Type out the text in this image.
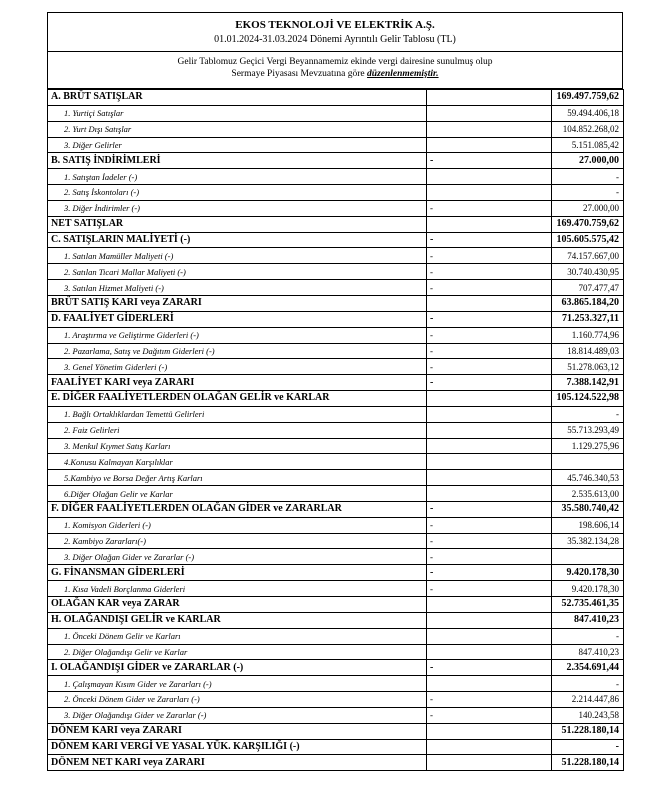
EKOS TEKNOLOJİ VE ELEKTRİK A.Ş.
01.01.2024-31.03.2024 Dönemi Ayrıntılı Gelir Tablosu (TL)
Gelir Tablomuz Geçici Vergi Beyannamemiz ekinde vergi dairesine sunulmuş olup
Sermaye Piyasası Mevzuatına göre düzenlenmemiştir.
A. BRÜT SATIŞLAR		169.497.759,62
1. Yurtiçi Satışlar		59.494.406,18
2. Yurt Dışı Satışlar		104.852.268,02
3. Diğer Gelirler		5.151.085,42
B. SATIŞ İNDİRİMLERİ	-	27.000,00
1. Satıştan İadeler (-)		-
2. Satış İskontoları (-)		-
3. Diğer İndirimler (-)	-	27.000,00
NET SATIŞLAR		169.470.759,62
C. SATIŞLARIN MALİYETİ (-)	-	105.605.575,42
1. Satılan Mamüller Maliyeti (-)	-	74.157.667,00
2. Satılan Ticari Mallar Maliyeti (-)	-	30.740.430,95
3. Satılan Hizmet Maliyeti (-)	-	707.477,47
BRÜT SATIŞ KARI veya ZARARI		63.865.184,20
D. FAALİYET GİDERLERİ	-	71.253.327,11
1. Araştırma ve Geliştirme Giderleri (-)	-	1.160.774,96
2. Pazarlama, Satış ve Dağıtım Giderleri (-)	-	18.814.489,03
3. Genel Yönetim Giderleri (-)	-	51.278.063,12
FAALİYET KARI veya ZARARI	-	7.388.142,91
E. DİĞER FAALİYETLERDEN OLAĞAN GELİR ve KARLAR		105.124.522,98
1. Bağlı Ortaklıklardan Temettü Gelirleri		-
2. Faiz Gelirleri		55.713.293,49
3. Menkul Kıymet Satış Karları		1.129.275,96
4.Konusu Kalmayan Karşılıklar		
5.Kambiyo ve Borsa Değer Artış Karları		45.746.340,53
6.Diğer Olağan Gelir ve Karlar		2.535.613,00
F. DİĞER FAALİYETLERDEN OLAĞAN GİDER ve ZARARLAR	-	35.580.740,42
1. Komisyon Giderleri (-)	-	198.606,14
2. Kambiyo Zararları(-)	-	35.382.134,28
3. Diğer Olağan Gider ve Zararlar (-)	-	
G. FİNANSMAN GİDERLERİ	-	9.420.178,30
1. Kısa Vadeli Borçlanma Giderleri	-	9.420.178,30
OLAĞAN KAR veya ZARAR		52.735.461,35
H. OLAĞANDIŞI GELİR ve KARLAR		847.410,23
1. Önceki Dönem Gelir ve Karları		-
2. Diğer Olağandışı Gelir ve Karlar		847.410,23
I. OLAĞANDIŞI GİDER ve ZARARLAR (-)	-	2.354.691,44
1. Çalışmayan Kısım Gider ve Zararları (-)		-
2. Önceki Dönem Gider ve Zararları (-)	-	2.214.447,86
3. Diğer Olağandışı Gider ve Zararlar (-)	-	140.243,58
DÖNEM KARI veya ZARARI		51.228.180,14
DÖNEM KARI VERGİ VE YASAL YÜK. KARŞILIĞI (-)		-
DÖNEM NET KARI veya ZARARI		51.228.180,14
